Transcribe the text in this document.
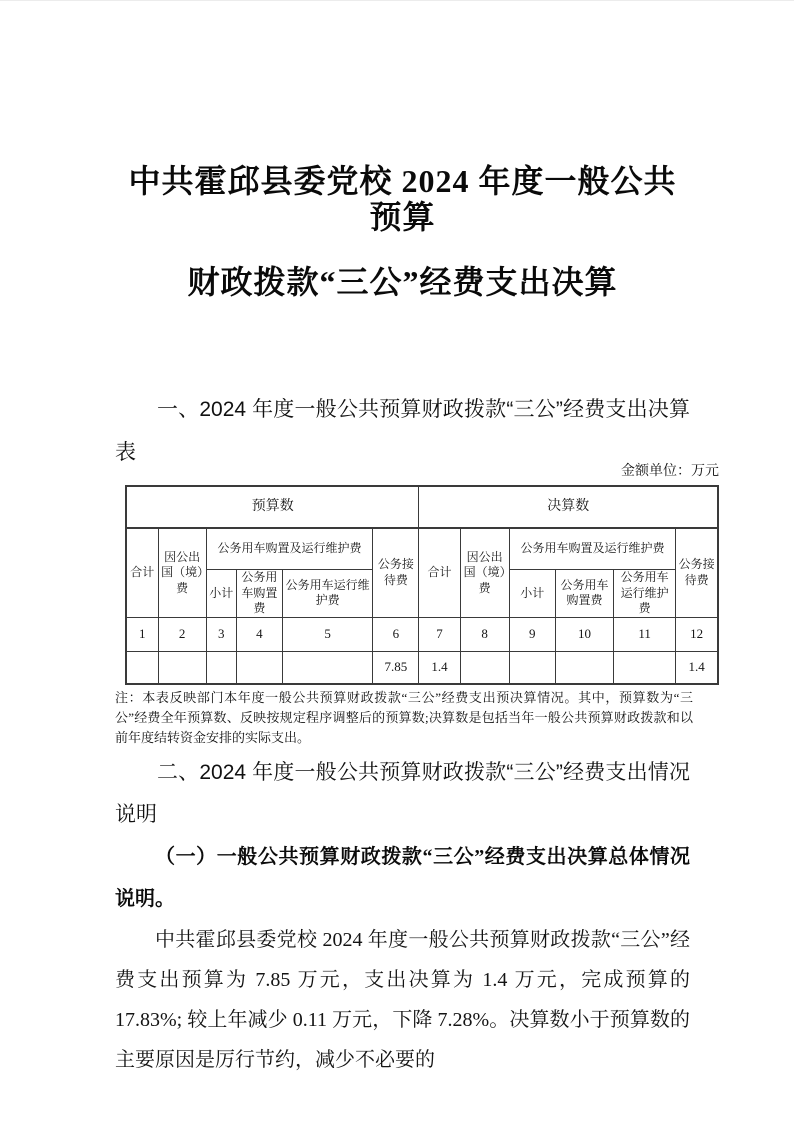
中共霍邱县委党校 2024 年度一般公共预算
财政拨款“三公”经费支出决算
一、2024 年度一般公共预算财政拨款“三公”经费支出决算表
金额单位：万元
预算数						决算数					
合计	因公出国（境）费	公务用车购置及运行维护费			公务接待费	合计	因公出国（境）费	公务用车购置及运行维护费			公务接待费
		小计	公务用车购置费	公务用车运行维护费				小计	公务用车购置费	公务用车运行维护费	
1	2	3	4	5	6	7	8	9	10	11	12
					7.85	1.4					1.4
注：本表反映部门本年度一般公共预算财政拨款“三公”经费支出预决算情况。其中，预算数为“三公”经费全年预算数、反映按规定程序调整后的预算数;决算数是包括当年一般公共预算财政拨款和以前年度结转资金安排的实际支出。
二、2024 年度一般公共预算财政拨款“三公”经费支出情况说明
（一）一般公共预算财政拨款“三公”经费支出决算总体情况说明。
中共霍邱县委党校 2024 年度一般公共预算财政拨款“三公”经费支出预算为 7.85 万元，支出决算为 1.4 万元，完成预算的 17.83%; 较上年减少 0.11 万元，下降 7.28%。决算数小于预算数的主要原因是厉行节约，减少不必要的
